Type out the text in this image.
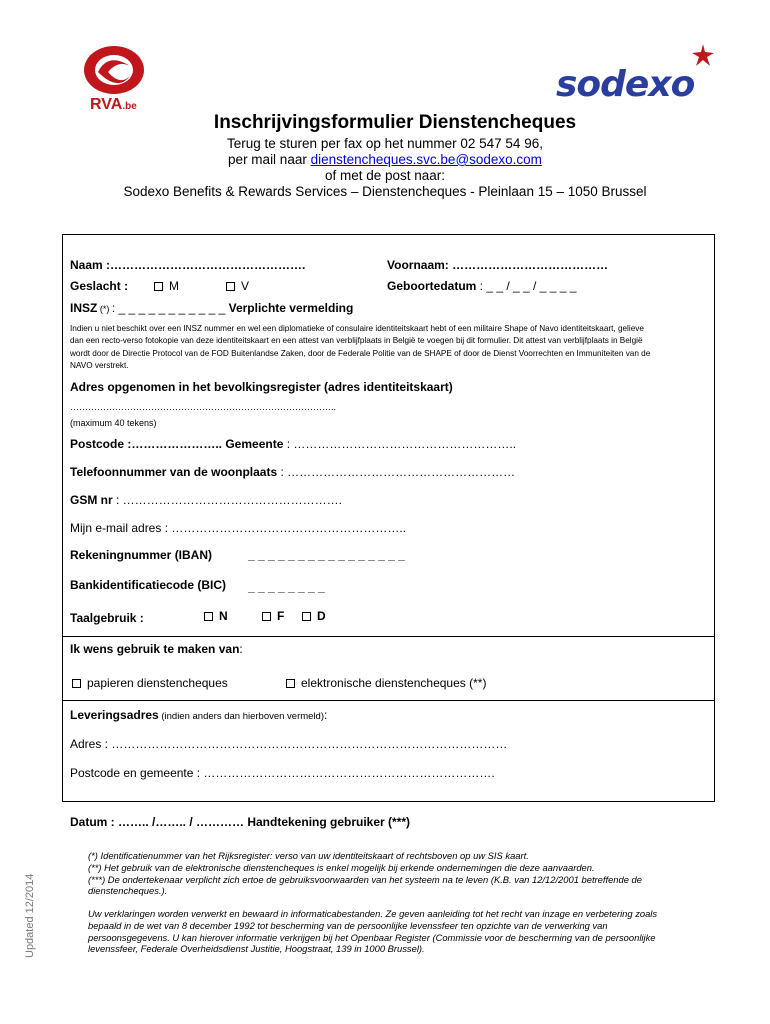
RVA.be
sodexo
Inschrijvingsformulier Dienstencheques
Terug te sturen per fax op het nummer 02 547 54 96,
per mail naar dienstencheques.svc.be@sodexo.com
of met de post naar:
Sodexo Benefits & Rewards Services – Dienstencheques - Pleinlaan 15 – 1050 Brussel
Naam :………………………………………….	Voornaam: …………………………………
Geslacht :	M	V	Geboortedatum : _ _ / _ _ / _ _ _ _
INSZ (*) : _ _ _ _ _ _ _ _ _ _ _ Verplichte vermelding
Indien u niet beschikt over een INSZ nummer en wel een diplomatieke of consulaire identiteitskaart hebt of een militaire Shape of Navo identiteitskaart, gelieve dan een recto-verso fotokopie van deze identiteitskaart en een attest van verblijfplaats in België te voegen bij dit formulier. Dit attest van verblijfplaats in België wordt door de Directie Protocol van de FOD Buitenlandse Zaken, door de Federale Politie van de SHAPE of door de Dienst Voorrechten en Immuniteiten van de NAVO verstrekt.
Adres opgenomen in het bevolkingsregister (adres identiteitskaart)
……………………………………………………………………………..
(maximum 40 tekens)
Postcode :………………….. Gemeente : ………………………………………………..
Telefoonnummer van de woonplaats : …………………………………………………
GSM nr : ……………………………………………….
Mijn e-mail adres : …………………………………………………..
Rekeningnummer (IBAN)	_ _ _ _ _ _ _ _ _ _ _ _ _ _ _ _
Bankidentificatiecode (BIC) _ _ _ _ _ _ _ _
Taalgebruik :	N	F	D
Ik wens gebruik te maken van:
papieren dienstencheques	elektronische dienstencheques (**)
Leveringsadres (indien anders dan hierboven vermeld):
Adres : ………………………………………………………………………………………
Postcode en gemeente : ……………………………………………………………….
Datum : …….. /…….. / ………… Handtekening gebruiker (***)
(*) Identificatienummer van het Rijksregister: verso van uw identiteitskaart of rechtsboven op uw SIS kaart.
(**) Het gebruik van de elektronische dienstencheques is enkel mogelijk bij erkende ondernemingen die deze aanvaarden.
(***) De ondertekenaar verplicht zich ertoe de gebruiksvoorwaarden van het systeem na te leven (K.B. van 12/12/2001 betreffende de dienstencheques.).
Uw verklaringen worden verwerkt en bewaard in informaticabestanden. Ze geven aanleiding tot het recht van inzage en verbetering zoals bepaald in de wet van 8 december 1992 tot bescherming van de persoonlijke levenssfeer ten opzichte van de verwerking van persoonsgegevens. U kan hierover informatie verkrijgen bij het Openbaar Register (Commissie voor de bescherming van de persoonlijke levenssfeer, Federale Overheidsdienst Justitie, Hoogstraat, 139 in 1000 Brussel).
Updated 12/2014
